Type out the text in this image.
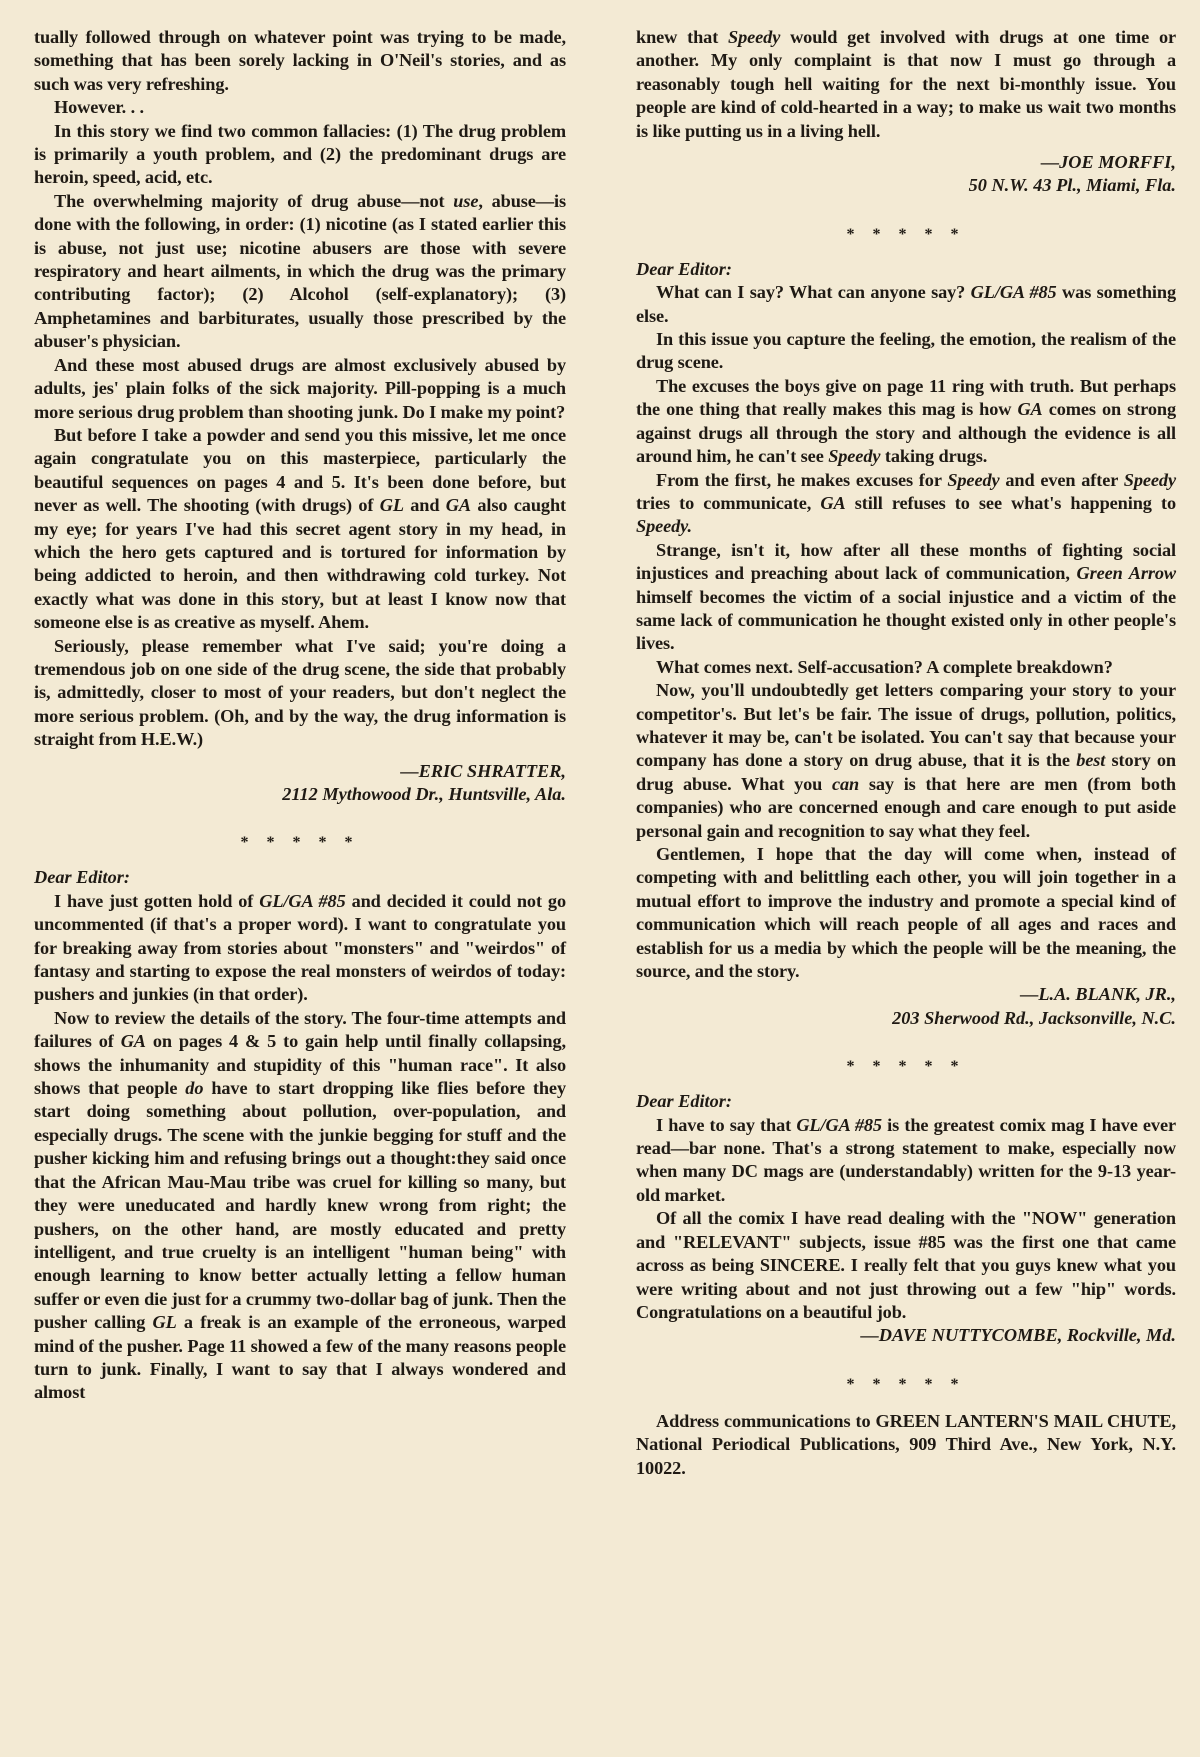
tually followed through on whatever point was trying to be made, something that has been sorely lacking in O'Neil's stories, and as such was very refreshing.

However. . .

In this story we find two common fallacies: (1) The drug problem is primarily a youth problem, and (2) the predominant drugs are heroin, speed, acid, etc.

The overwhelming majority of drug abuse—not use, abuse—is done with the following, in order: (1) nicotine (as I stated earlier this is abuse, not just use; nicotine abusers are those with severe respiratory and heart ailments, in which the drug was the primary contributing factor); (2) Alcohol (self-explanatory); (3) Amphetamines and barbiturates, usually those prescribed by the abuser's physician.

And these most abused drugs are almost exclusively abused by adults, jes' plain folks of the sick majority. Pill-popping is a much more serious drug problem than shooting junk. Do I make my point?

But before I take a powder and send you this missive, let me once again congratulate you on this masterpiece, particularly the beautiful sequences on pages 4 and 5. It's been done before, but never as well. The shooting (with drugs) of GL and GA also caught my eye; for years I've had this secret agent story in my head, in which the hero gets captured and is tortured for information by being addicted to heroin, and then withdrawing cold turkey. Not exactly what was done in this story, but at least I know now that someone else is as creative as myself. Ahem.

Seriously, please remember what I've said; you're doing a tremendous job on one side of the drug scene, the side that probably is, admittedly, closer to most of your readers, but don't neglect the more serious problem. (Oh, and by the way, the drug information is straight from H.E.W.)

—ERIC SHRATTER,
2112 Mythowood Dr., Huntsville, Ala.
* * * * *
Dear Editor:

I have just gotten hold of GL/GA #85 and decided it could not go uncommented (if that's a proper word). I want to congratulate you for breaking away from stories about "monsters" and "weirdos" of fantasy and starting to expose the real monsters of weirdos of today: pushers and junkies (in that order).

Now to review the details of the story. The four-time attempts and failures of GA on pages 4 & 5 to gain help until finally collapsing, shows the inhumanity and stupidity of this "human race". It also shows that people do have to start dropping like flies before they start doing something about pollution, over-population, and especially drugs. The scene with the junkie begging for stuff and the pusher kicking him and refusing brings out a thought:they said once that the African Mau-Mau tribe was cruel for killing so many, but they were uneducated and hardly knew wrong from right; the pushers, on the other hand, are mostly educated and pretty intelligent, and true cruelty is an intelligent "human being" with enough learning to know better actually letting a fellow human suffer or even die just for a crummy two-dollar bag of junk. Then the pusher calling GL a freak is an example of the erroneous, warped mind of the pusher. Page 11 showed a few of the many reasons people turn to junk. Finally, I want to say that I always wondered and almost

knew that Speedy would get involved with drugs at one time or another. My only complaint is that now I must go through a reasonably tough hell waiting for the next bi-monthly issue. You people are kind of cold-hearted in a way; to make us wait two months is like putting us in a living hell.

—JOE MORFFI,
50 N.W. 43 Pl., Miami, Fla.
* * * * *
Dear Editor:

What can I say? What can anyone say? GL/GA #85 was something else.

In this issue you capture the feeling, the emotion, the realism of the drug scene.

The excuses the boys give on page 11 ring with truth. But perhaps the one thing that really makes this mag is how GA comes on strong against drugs all through the story and although the evidence is all around him, he can't see Speedy taking drugs.

From the first, he makes excuses for Speedy and even after Speedy tries to communicate, GA still refuses to see what's happening to Speedy.

Strange, isn't it, how after all these months of fighting social injustices and preaching about lack of communication, Green Arrow himself becomes the victim of a social injustice and a victim of the same lack of communication he thought existed only in other people's lives.

What comes next. Self-accusation? A complete breakdown?

Now, you'll undoubtedly get letters comparing your story to your competitor's. But let's be fair. The issue of drugs, pollution, politics, whatever it may be, can't be isolated. You can't say that because your company has done a story on drug abuse, that it is the best story on drug abuse. What you can say is that here are men (from both companies) who are concerned enough and care enough to put aside personal gain and recognition to say what they feel.

Gentlemen, I hope that the day will come when, instead of competing with and belittling each other, you will join together in a mutual effort to improve the industry and promote a special kind of communication which will reach people of all ages and races and establish for us a media by which the people will be the meaning, the source, and the story.

—L.A. BLANK, JR.,
203 Sherwood Rd., Jacksonville, N.C.
* * * * *
Dear Editor:

I have to say that GL/GA #85 is the greatest comix mag I have ever read—bar none. That's a strong statement to make, especially now when many DC mags are (understandably) written for the 9-13 year-old market.

Of all the comix I have read dealing with the "NOW" generation and "RELEVANT" subjects, issue #85 was the first one that came across as being SINCERE. I really felt that you guys knew what you were writing about and not just throwing out a few "hip" words. Congratulations on a beautiful job.

—DAVE NUTTYCOMBE, Rockville, Md.
* * * * *

Address communications to GREEN LANTERN'S MAIL CHUTE, National Periodical Publications, 909 Third Ave., New York, N.Y. 10022.
